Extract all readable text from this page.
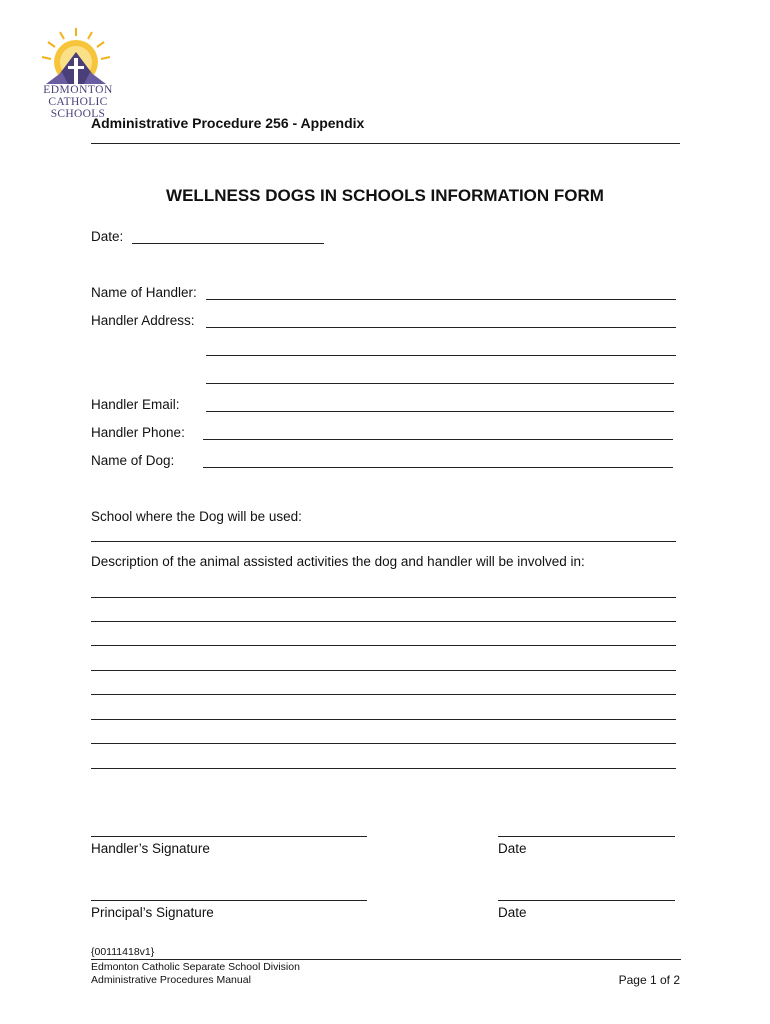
EDMONTON
CATHOLIC SCHOOLS
Administrative Procedure 256 - Appendix
WELLNESS DOGS IN SCHOOLS INFORMATION FORM
Date:
Name of Handler:
Handler Address:
Handler Email:
Handler Phone:
Name of Dog:
School where the Dog will be used:
Description of the animal assisted activities the dog and handler will be involved in:
Handler’s Signature	Date
Principal’s Signature	Date
{00111418v1}
Edmonton Catholic Separate School Division
Administrative Procedures Manual	Page 1 of 2
